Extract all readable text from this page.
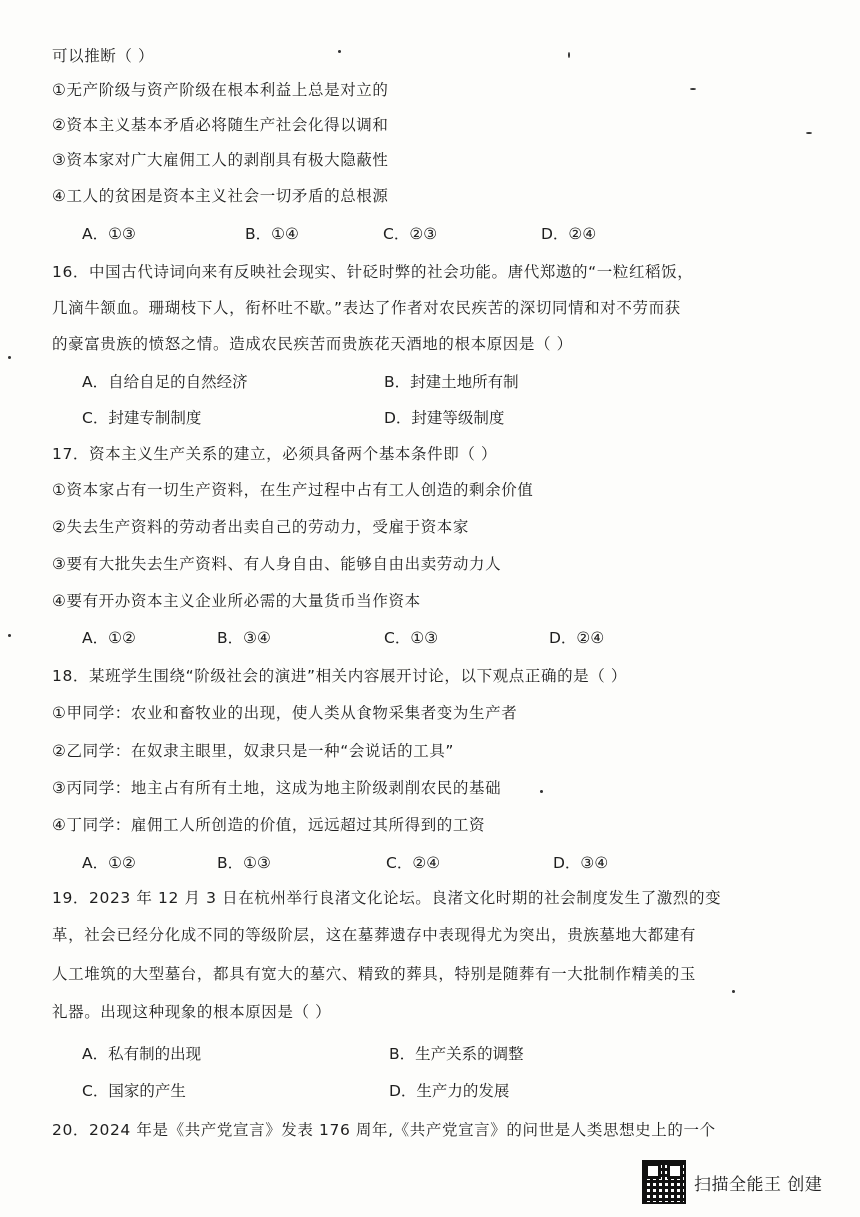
可以推断（ ）
①无产阶级与资产阶级在根本利益上总是对立的
②资本主义基本矛盾必将随生产社会化得以调和
③资本家对广大雇佣工人的剥削具有极大隐蔽性
④工人的贫困是资本主义社会一切矛盾的总根源
A．①③	B．①④	C．②③	D．②④
16．中国古代诗词向来有反映社会现实、针砭时弊的社会功能。唐代郑遨的“一粒红稻饭，
几滴牛颔血。珊瑚枝下人，衔杯吐不歇。”表达了作者对农民疾苦的深切同情和对不劳而获
的豪富贵族的愤怒之情。造成农民疾苦而贵族花天酒地的根本原因是（ ）
A．自给自足的自然经济	B．封建土地所有制
C．封建专制制度	D．封建等级制度
17．资本主义生产关系的建立，必须具备两个基本条件即（ ）
①资本家占有一切生产资料，在生产过程中占有工人创造的剩余价值
②失去生产资料的劳动者出卖自己的劳动力，受雇于资本家
③要有大批失去生产资料、有人身自由、能够自由出卖劳动力人
④要有开办资本主义企业所必需的大量货币当作资本
A．①②	B．③④	C．①③	D．②④
18．某班学生围绕“阶级社会的演进”相关内容展开讨论，以下观点正确的是（ ）
①甲同学：农业和畜牧业的出现，使人类从食物采集者变为生产者
②乙同学：在奴隶主眼里，奴隶只是一种“会说话的工具”
③丙同学：地主占有所有土地，这成为地主阶级剥削农民的基础
④丁同学：雇佣工人所创造的价值，远远超过其所得到的工资
A．①②	B．①③	C．②④	D．③④
19．2023 年 12 月 3 日在杭州举行良渚文化论坛。良渚文化时期的社会制度发生了激烈的变
革，社会已经分化成不同的等级阶层，这在墓葬遗存中表现得尤为突出，贵族墓地大都建有
人工堆筑的大型墓台，都具有宽大的墓穴、精致的葬具，特别是随葬有一大批制作精美的玉
礼器。出现这种现象的根本原因是（ ）
A．私有制的出现	B．生产关系的调整
C．国家的产生	D．生产力的发展
20．2024 年是《共产党宣言》发表 176 周年,《共产党宣言》的问世是人类思想史上的一个
扫描全能王 创建
